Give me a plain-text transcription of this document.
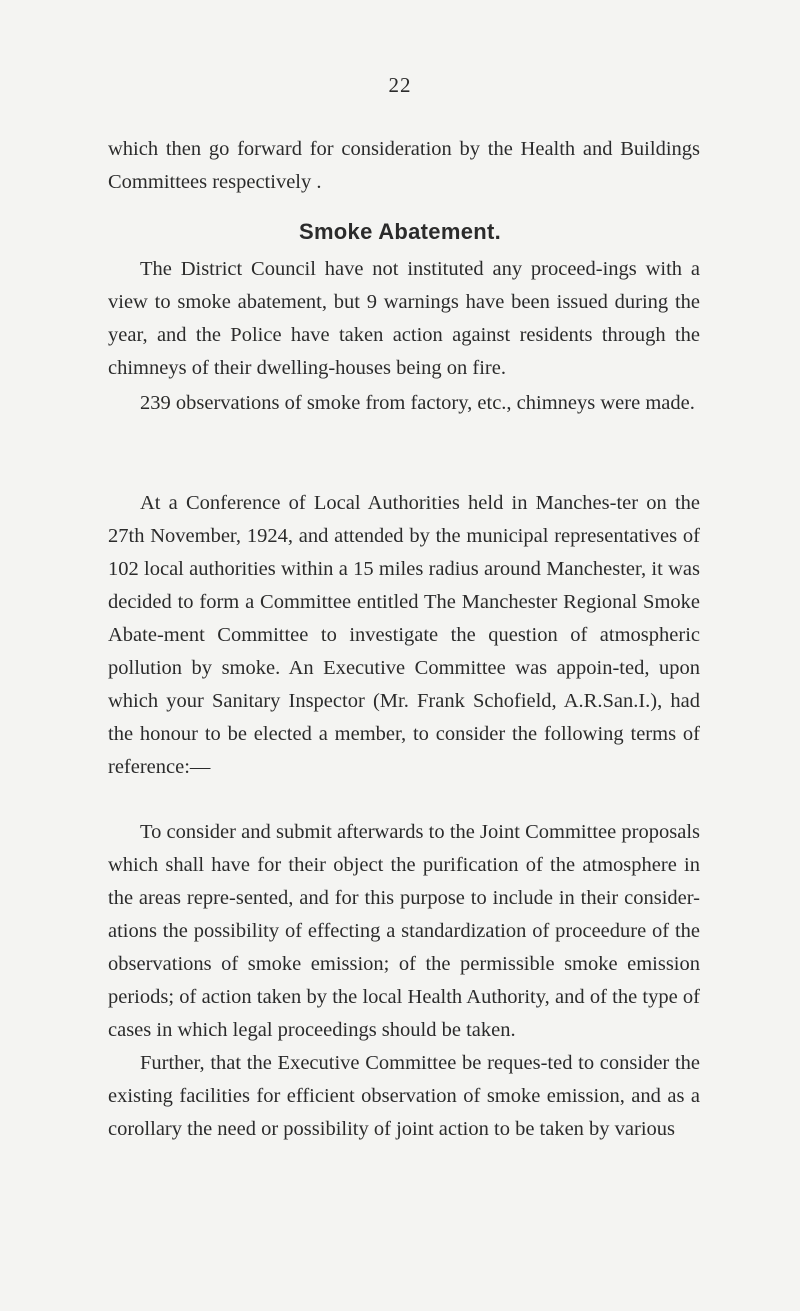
22

which then go forward for consideration by the Health and Buildings Committees respectively .

Smoke Abatement.

The District Council have not instituted any proceed-ings with a view to smoke abatement, but 9 warnings have been issued during the year, and the Police have taken action against residents through the chimneys of their dwelling-houses being on fire.

239 observations of smoke from factory, etc., chimneys were made.

At a Conference of Local Authorities held in Manches-ter on the 27th November, 1924, and attended by the municipal representatives of 102 local authorities within a 15 miles radius around Manchester, it was decided to form a Committee entitled The Manchester Regional Smoke Abate-ment Committee to investigate the question of atmospheric pollution by smoke. An Executive Committee was appoin-ted, upon which your Sanitary Inspector (Mr. Frank Schofield, A.R.San.I.), had the honour to be elected a member, to consider the following terms of reference:—

To consider and submit afterwards to the Joint Committee proposals which shall have for their object the purification of the atmosphere in the areas repre-sented, and for this purpose to include in their consider-ations the possibility of effecting a standardization of proceedure of the observations of smoke emission; of the permissible smoke emission periods; of action taken by the local Health Authority, and of the type of cases in which legal proceedings should be taken.

Further, that the Executive Committee be reques-ted to consider the existing facilities for efficient observation of smoke emission, and as a corollary the need or possibility of joint action to be taken by various
